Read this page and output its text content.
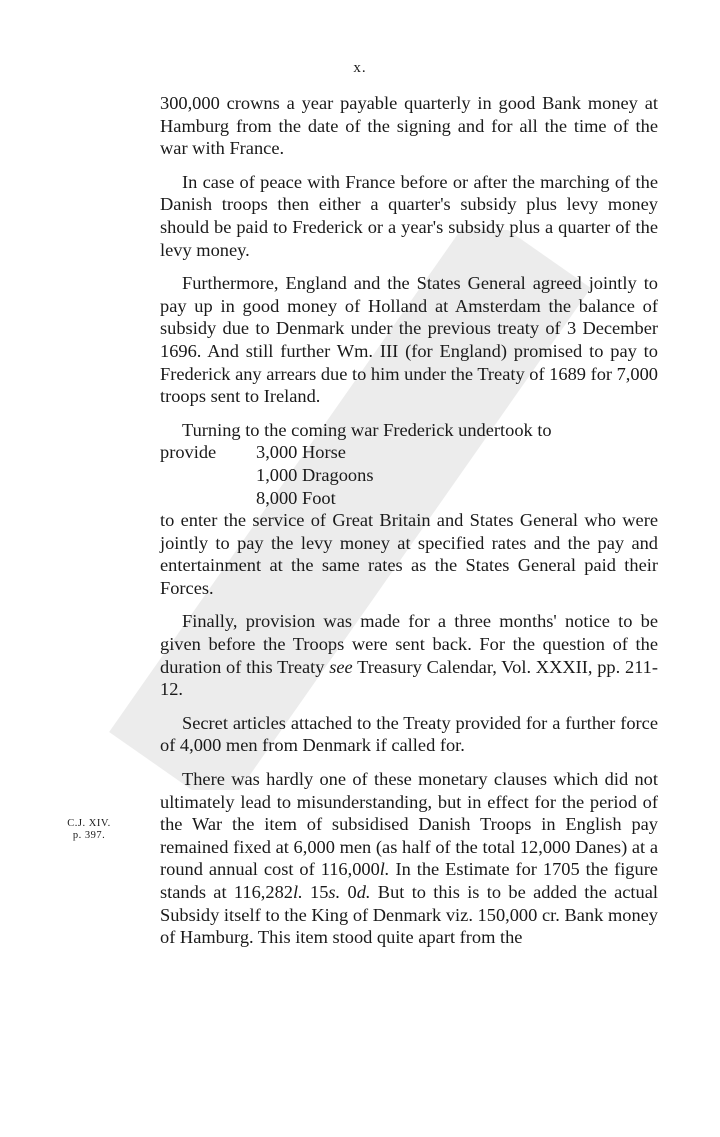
x.
C.J. XIV.
p. 397.

300,000 crowns a year payable quarterly in good Bank money at Hamburg from the date of the signing and for all the time of the war with France.

In case of peace with France before or after the marching of the Danish troops then either a quarter's subsidy plus levy money should be paid to Frederick or a year's subsidy plus a quarter of the levy money.

Furthermore, England and the States General agreed jointly to pay up in good money of Holland at Amsterdam the balance of subsidy due to Denmark under the previous treaty of 3 December 1696. And still further Wm. III (for England) promised to pay to Frederick any arrears due to him under the Treaty of 1689 for 7,000 troops sent to Ireland.

Turning to the coming war Frederick undertook to
provide	3,000 Horse
1,000 Dragoons
8,000 Foot

to enter the service of Great Britain and States General who were jointly to pay the levy money at specified rates and the pay and entertainment at the same rates as the States General paid their Forces.

Finally, provision was made for a three months' notice to be given before the Troops were sent back. For the question of the duration of this Treaty see Treasury Calendar, Vol. XXXII, pp. 211-12.

Secret articles attached to the Treaty provided for a further force of 4,000 men from Denmark if called for.

There was hardly one of these monetary clauses which did not ultimately lead to misunderstanding, but in effect for the period of the War the item of subsidised Danish Troops in English pay remained fixed at 6,000 men (as half of the total 12,000 Danes) at a round annual cost of 116,000l. In the Estimate for 1705 the figure stands at 116,282l. 15s. 0d. But to this is to be added the actual Subsidy itself to the King of Denmark viz. 150,000 cr. Bank money of Hamburg. This item stood quite apart from the
